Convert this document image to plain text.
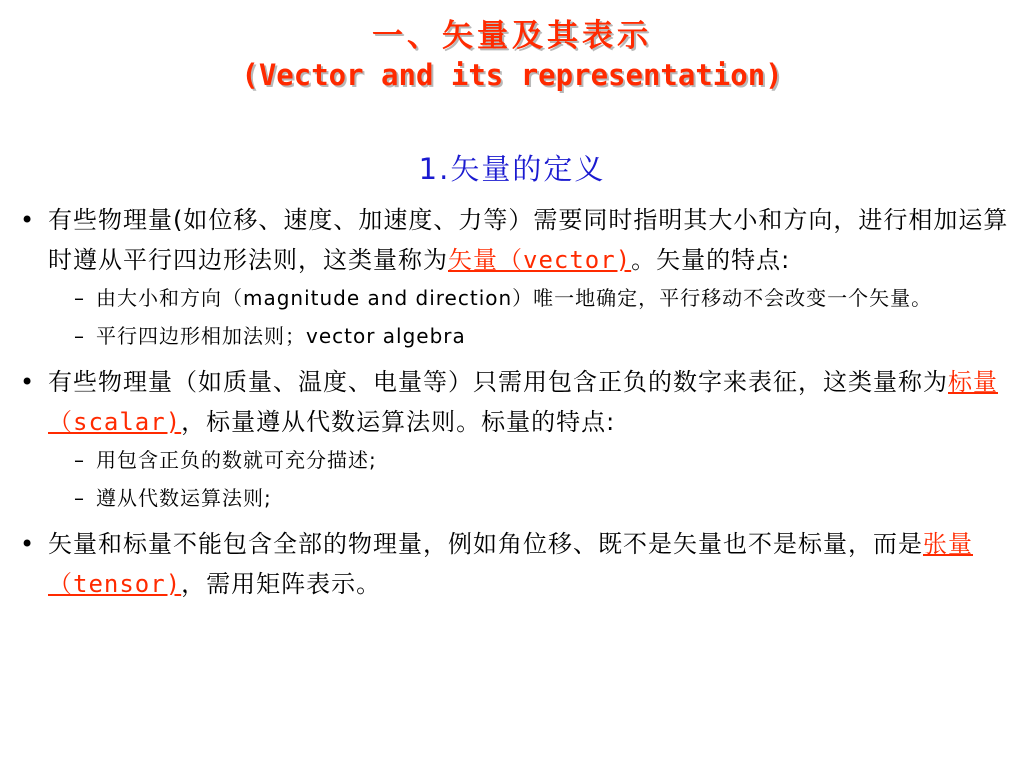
一、矢量及其表示
(Vector and its representation)
1.矢量的定义
• 有些物理量(如位移、速度、加速度、力等）需要同时指明其大小和方向，进行相加运算时遵从平行四边形法则，这类量称为矢量（vector)。矢量的特点:
– 由大小和方向（magnitude and direction）唯一地确定，平行移动不会改变一个矢量。
– 平行四边形相加法则；vector algebra
• 有些物理量（如质量、温度、电量等）只需用包含正负的数字来表征，这类量称为标量（scalar)，标量遵从代数运算法则。标量的特点:
– 用包含正负的数就可充分描述;
– 遵从代数运算法则;
• 矢量和标量不能包含全部的物理量，例如角位移、既不是矢量也不是标量，而是张量（tensor)，需用矩阵表示。
